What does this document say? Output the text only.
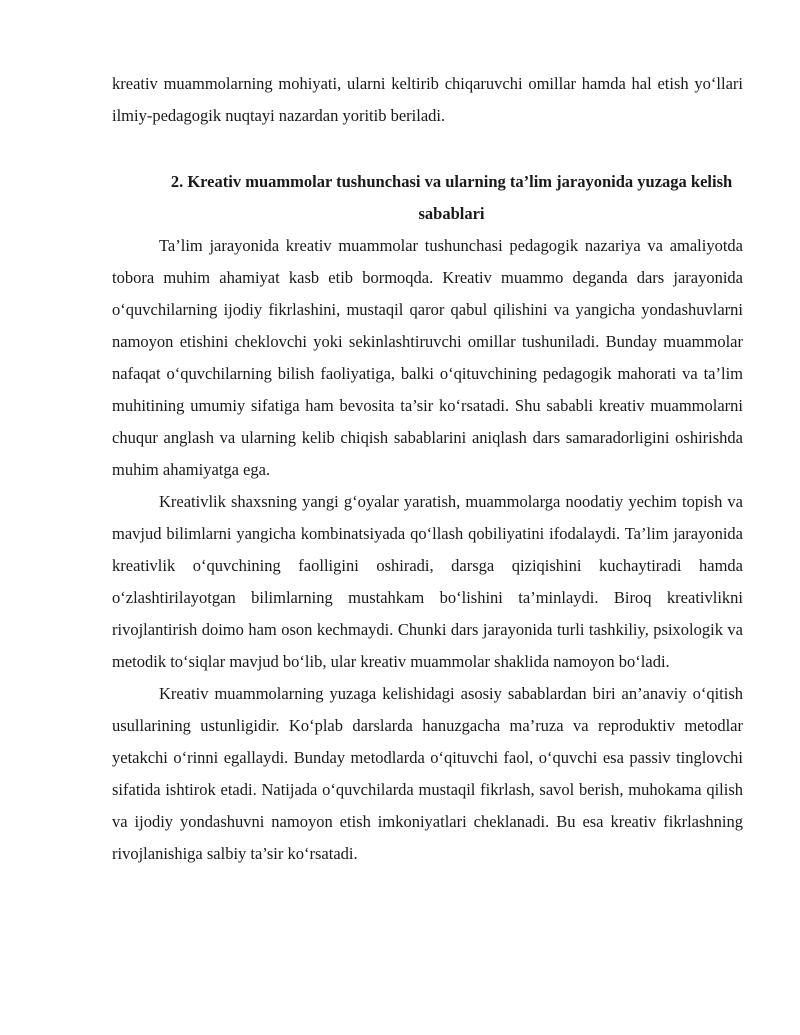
kreativ muammolarning mohiyati, ularni keltirib chiqaruvchi omillar hamda hal etish yo‘llari ilmiy-pedagogik nuqtayi nazardan yoritib beriladi.

2. Kreativ muammolar tushunchasi va ularning ta’lim jarayonida yuzaga kelish sabablari

Ta’lim jarayonida kreativ muammolar tushunchasi pedagogik nazariya va amaliyotda tobora muhim ahamiyat kasb etib bormoqda. Kreativ muammo deganda dars jarayonida o‘quvchilarning ijodiy fikrlashini, mustaqil qaror qabul qilishini va yangicha yondashuvlarni namoyon etishini cheklovchi yoki sekinlashtiruvchi omillar tushuniladi. Bunday muammolar nafaqat o‘quvchilarning bilish faoliyatiga, balki o‘qituvchining pedagogik mahorati va ta’lim muhitining umumiy sifatiga ham bevosita ta’sir ko‘rsatadi. Shu sababli kreativ muammolarni chuqur anglash va ularning kelib chiqish sabablarini aniqlash dars samaradorligini oshirishda muhim ahamiyatga ega.

Kreativlik shaxsning yangi g‘oyalar yaratish, muammolarga noodatiy yechim topish va mavjud bilimlarni yangicha kombinatsiyada qo‘llash qobiliyatini ifodalaydi. Ta’lim jarayonida kreativlik o‘quvchining faolligini oshiradi, darsga qiziqishini kuchaytiradi hamda o‘zlashtirilayotgan bilimlarning mustahkam bo‘lishini ta’minlaydi. Biroq kreativlikni rivojlantirish doimo ham oson kechmaydi. Chunki dars jarayonida turli tashkiliy, psixologik va metodik to‘siqlar mavjud bo‘lib, ular kreativ muammolar shaklida namoyon bo‘ladi.

Kreativ muammolarning yuzaga kelishidagi asosiy sabablardan biri an’anaviy o‘qitish usullarining ustunligidir. Ko‘plab darslarda hanuzgacha ma’ruza va reproduktiv metodlar yetakchi o‘rinni egallaydi. Bunday metodlarda o‘qituvchi faol, o‘quvchi esa passiv tinglovchi sifatida ishtirok etadi. Natijada o‘quvchilarda mustaqil fikrlash, savol berish, muhokama qilish va ijodiy yondashuvni namoyon etish imkoniyatlari cheklanadi. Bu esa kreativ fikrlashning rivojlanishiga salbiy ta’sir ko‘rsatadi.
